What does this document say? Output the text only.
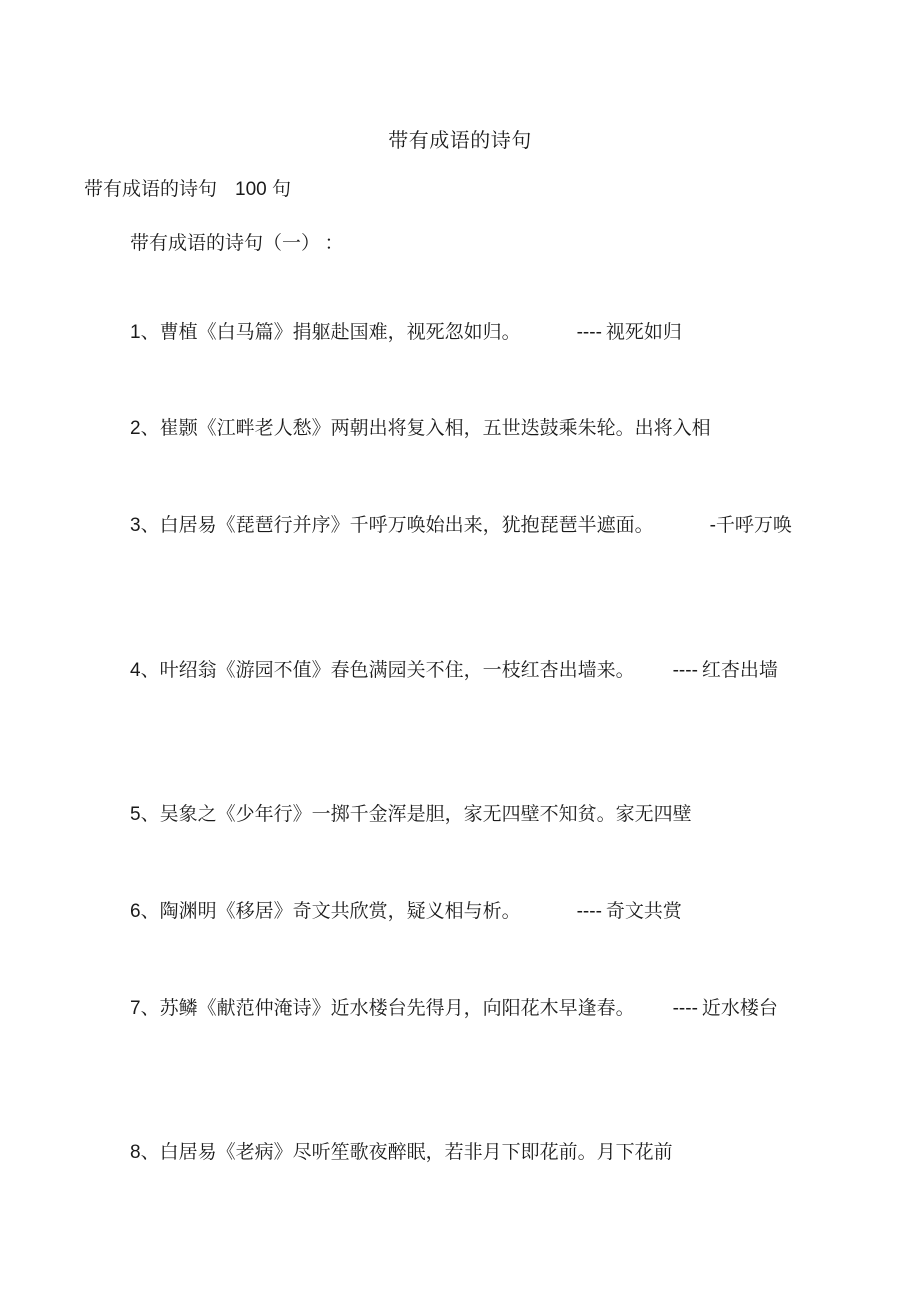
带有成语的诗句
带有成语的诗句 100 句
带有成语的诗句（一） ：
1、曹植《白马篇》捐躯赴国难，视死忽如归。	---- 视死如归
2、崔颢《江畔老人愁》两朝出将复入相，五世迭鼓乘朱轮。出将入相
3、白居易《琵琶行并序》千呼万唤始出来，犹抱琵琶半遮面。	-千呼万唤
4、叶绍翁《游园不值》春色满园关不住，一枝红杏出墙来。 ---- 红杏出墙
5、吴象之《少年行》一掷千金浑是胆，家无四壁不知贫。家无四壁
6、陶渊明《移居》奇文共欣赏，疑义相与析。	---- 奇文共赏
7、苏鳞《献范仲淹诗》近水楼台先得月，向阳花木早逢春。 ---- 近水楼台
8、白居易《老病》尽听笙歌夜醉眠，若非月下即花前。月下花前
